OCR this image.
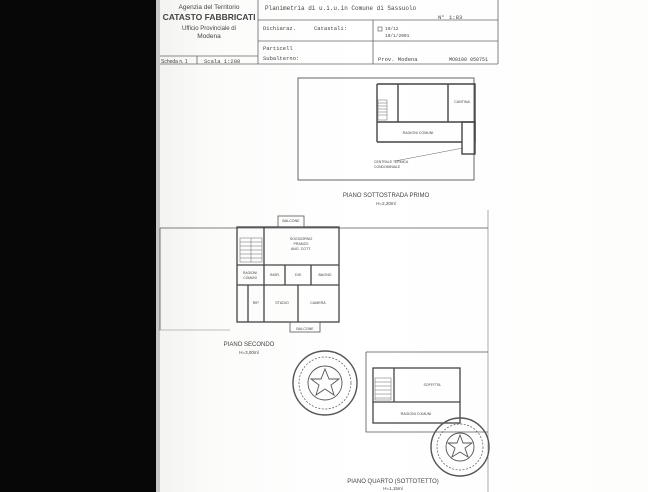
Agenzia del Territorio
CATASTO FABBRICATI
Ufficio Provinciale di
Modena
Planimetria di u.i.u.in Comune di Sassuolo
N° 1:83
Dichiaraz.	Catastali:	10/12
10/1/2001
Particell
Subalterno:	Prov. Modena	MO0100 050751
Scheda n. 1	Scala 1:200
CANTINA
RAGIONI COMUNI
CENTRALE TERMICA
CONDOMINIALE
PIANO SOTTOSTRADA PRIMO
H=2,20ml
BALCONE
SOGGIORNO
PRANZO
ANG. COTT.
RAGIONI
COMUNI
INGR.	DIS	BAGNO
RIP.	STUDIO	CAMERA
BALCONE
PIANO SECONDO
H=3,00ml
SOFFITTA
RAGIONI COMUNI
PIANO QUARTO (SOTTOTETTO)
H=1,15ml
